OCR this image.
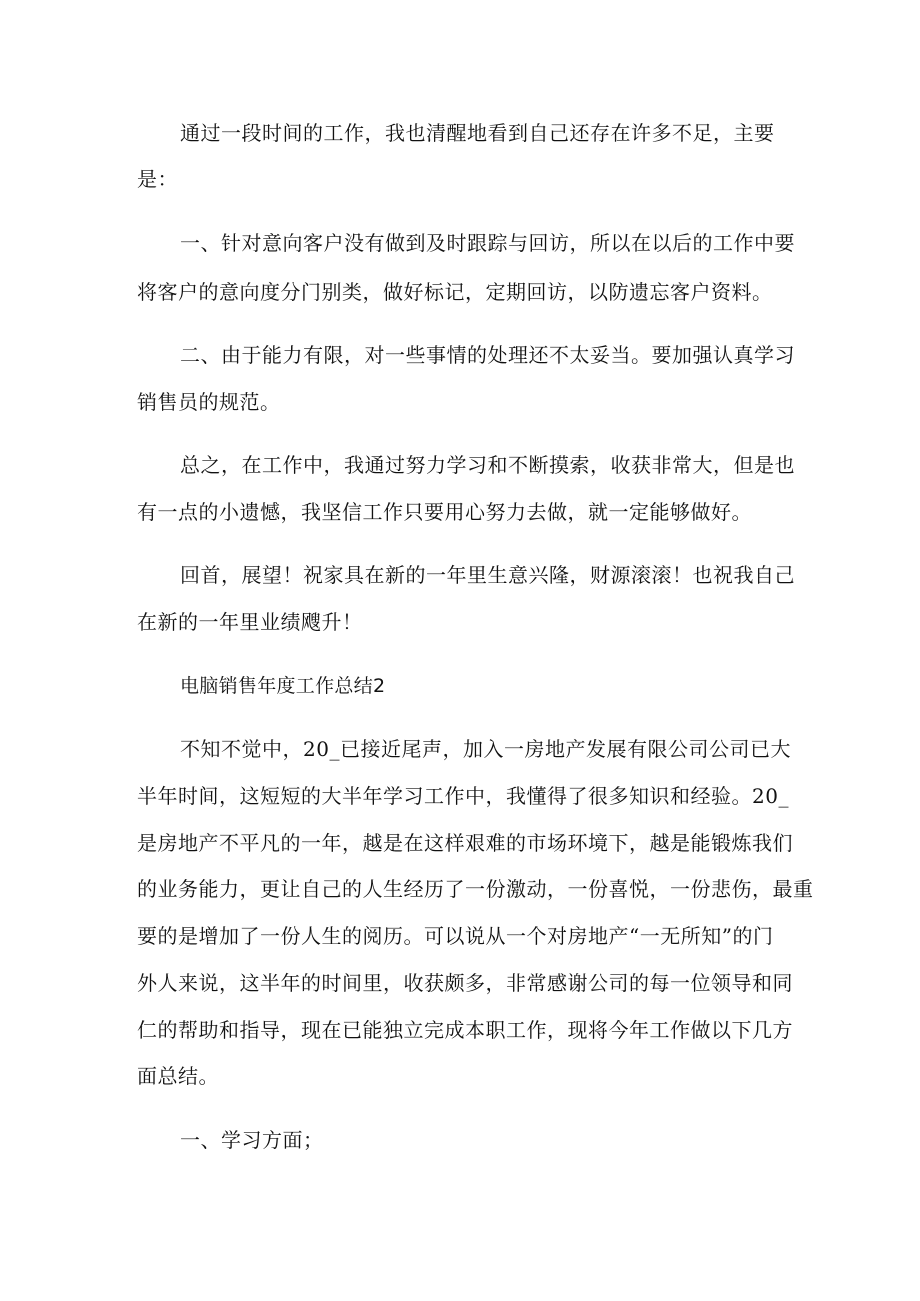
通过一段时间的工作，我也清醒地看到自己还存在许多不足，主要
是：
一、针对意向客户没有做到及时跟踪与回访，所以在以后的工作中要
将客户的意向度分门别类，做好标记，定期回访，以防遗忘客户资料。
二、由于能力有限，对一些事情的处理还不太妥当。要加强认真学习
销售员的规范。
总之，在工作中，我通过努力学习和不断摸索，收获非常大，但是也
有一点的小遗憾，我坚信工作只要用心努力去做，就一定能够做好。
回首，展望！祝家具在新的一年里生意兴隆，财源滚滚！也祝我自己
在新的一年里业绩飕升！
电脑销售年度工作总结2
不知不觉中，20_已接近尾声，加入一房地产发展有限公司公司已大
半年时间，这短短的大半年学习工作中，我懂得了很多知识和经验。20_
是房地产不平凡的一年，越是在这样艰难的市场环境下，越是能锻炼我们
的业务能力，更让自己的人生经历了一份激动，一份喜悦，一份悲伤，最重
要的是增加了一份人生的阅历。可以说从一个对房地产“一无所知”的门
外人来说，这半年的时间里，收获颇多，非常感谢公司的每一位领导和同
仁的帮助和指导，现在已能独立完成本职工作，现将今年工作做以下几方
面总结。
一、学习方面；
